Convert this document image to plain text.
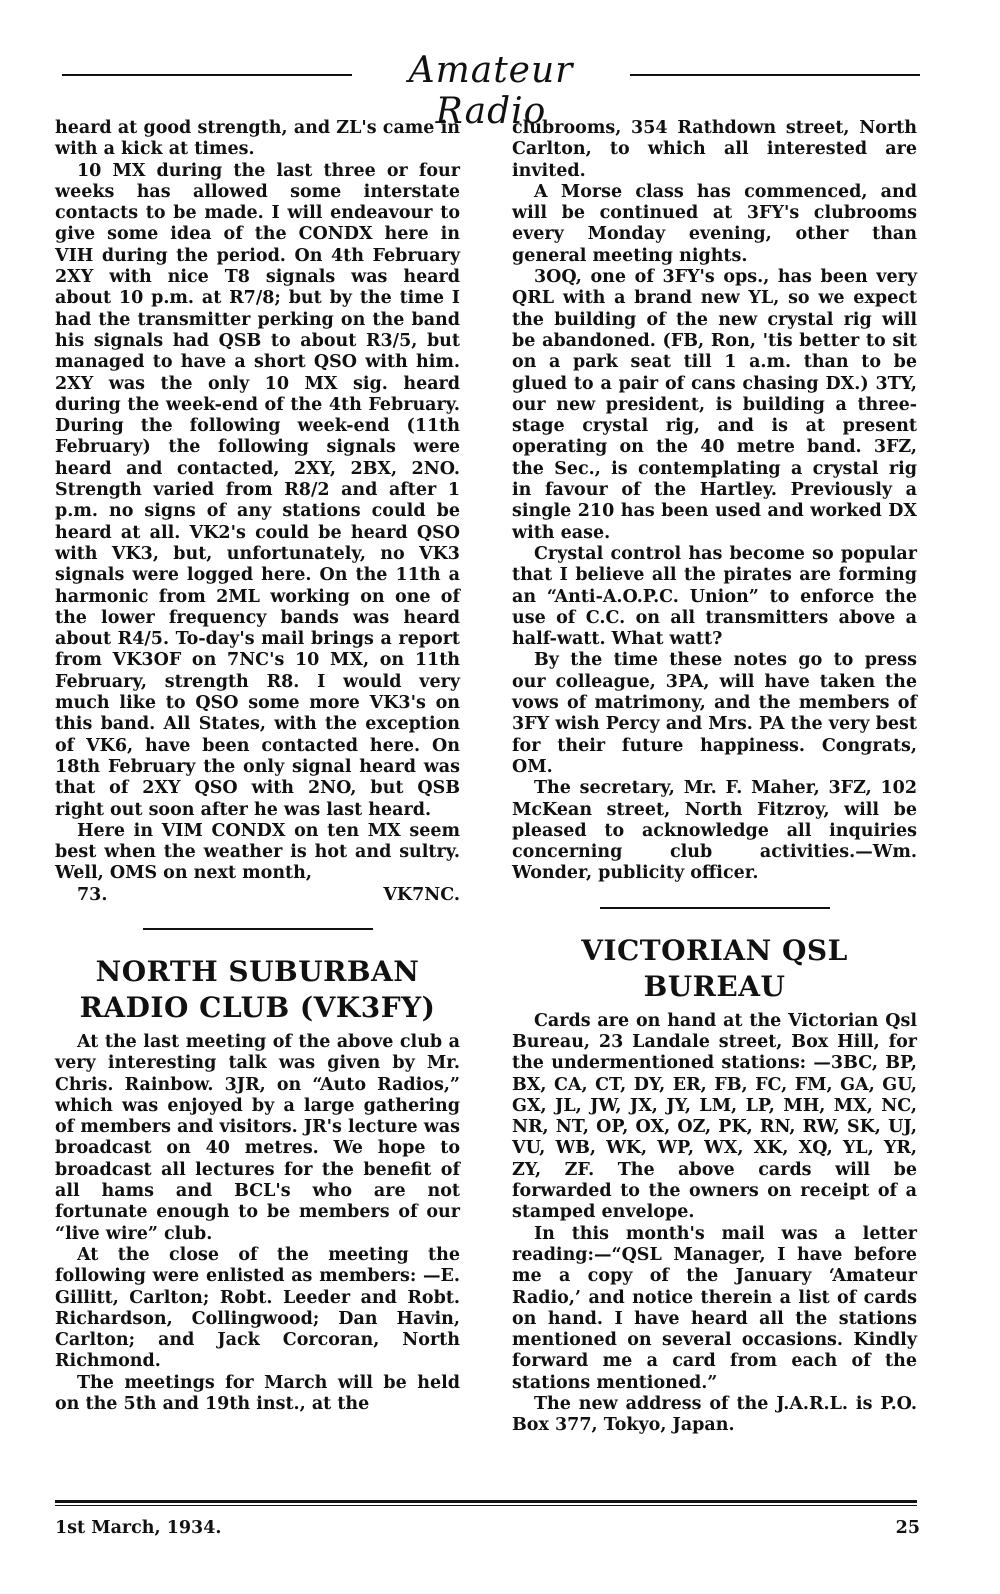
Amateur Radio

heard at good strength, and ZL's came in with a kick at times.

10 MX during the last three or four weeks has allowed some interstate contacts to be made. I will endeavour to give some idea of the CONDX here in VIH during the period. On 4th February 2XY with nice T8 signals was heard about 10 p.m. at R7/8; but by the time I had the transmitter perking on the band his signals had QSB to about R3/5, but managed to have a short QSO with him. 2XY was the only 10 MX sig. heard during the week-end of the 4th February. During the following week-end (11th February) the following signals were heard and contacted, 2XY, 2BX, 2NO. Strength varied from R8/2 and after 1 p.m. no signs of any stations could be heard at all. VK2's could be heard QSO with VK3, but, unfortunately, no VK3 signals were logged here. On the 11th a harmonic from 2ML working on one of the lower frequency bands was heard about R4/5. To-day's mail brings a report from VK3OF on 7NC's 10 MX, on 11th February, strength R8. I would very much like to QSO some more VK3's on this band. All States, with the exception of VK6, have been contacted here. On 18th February the only signal heard was that of 2XY QSO with 2NO, but QSB right out soon after he was last heard.

Here in VIM CONDX on ten MX seem best when the weather is hot and sultry. Well, OMS on next month,

73.	VK7NC.

NORTH SUBURBAN RADIO CLUB (VK3FY)

At the last meeting of the above club a very interesting talk was given by Mr. Chris. Rainbow. 3JR, on “Auto Radios,” which was enjoyed by a large gathering of members and visitors. JR's lecture was broadcast on 40 metres. We hope to broadcast all lectures for the benefit of all hams and BCL's who are not fortunate enough to be members of our “live wire” club.

At the close of the meeting the following were enlisted as members: —E. Gillitt, Carlton; Robt. Leeder and Robt. Richardson, Collingwood; Dan Havin, Carlton; and Jack Corcoran, North Richmond.

The meetings for March will be held on the 5th and 19th inst., at the

clubrooms, 354 Rathdown street, North Carlton, to which all interested are invited.

A Morse class has commenced, and will be continued at 3FY's clubrooms every Monday evening, other than general meeting nights.

3OQ, one of 3FY's ops., has been very QRL with a brand new YL, so we expect the building of the new crystal rig will be abandoned. (FB, Ron, 'tis better to sit on a park seat till 1 a.m. than to be glued to a pair of cans chasing DX.) 3TY, our new president, is building a three-stage crystal rig, and is at present operating on the 40 metre band. 3FZ, the Sec., is contemplating a crystal rig in favour of the Hartley. Previously a single 210 has been used and worked DX with ease.

Crystal control has become so popular that I believe all the pirates are forming an “Anti-A.O.P.C. Union” to enforce the use of C.C. on all transmitters above a half-watt. What watt?

By the time these notes go to press our colleague, 3PA, will have taken the vows of matrimony, and the members of 3FY wish Percy and Mrs. PA the very best for their future happiness. Congrats, OM.

The secretary, Mr. F. Maher, 3FZ, 102 McKean street, North Fitzroy, will be pleased to acknowledge all inquiries concerning club activities.—Wm. Wonder, publicity officer.

VICTORIAN QSL BUREAU

Cards are on hand at the Victorian Qsl Bureau, 23 Landale street, Box Hill, for the undermentioned stations: —3BC, BP, BX, CA, CT, DY, ER, FB, FC, FM, GA, GU, GX, JL, JW, JX, JY, LM, LP, MH, MX, NC, NR, NT, OP, OX, OZ, PK, RN, RW, SK, UJ, VU, WB, WK, WP, WX, XK, XQ, YL, YR, ZY, ZF. The above cards will be forwarded to the owners on receipt of a stamped envelope.

In this month's mail was a letter reading:—“QSL Manager, I have before me a copy of the January ‘Amateur Radio,’ and notice therein a list of cards on hand. I have heard all the stations mentioned on several occasions. Kindly forward me a card from each of the stations mentioned.”

The new address of the J.A.R.L. is P.O. Box 377, Tokyo, Japan.

1st March, 1934.	25
